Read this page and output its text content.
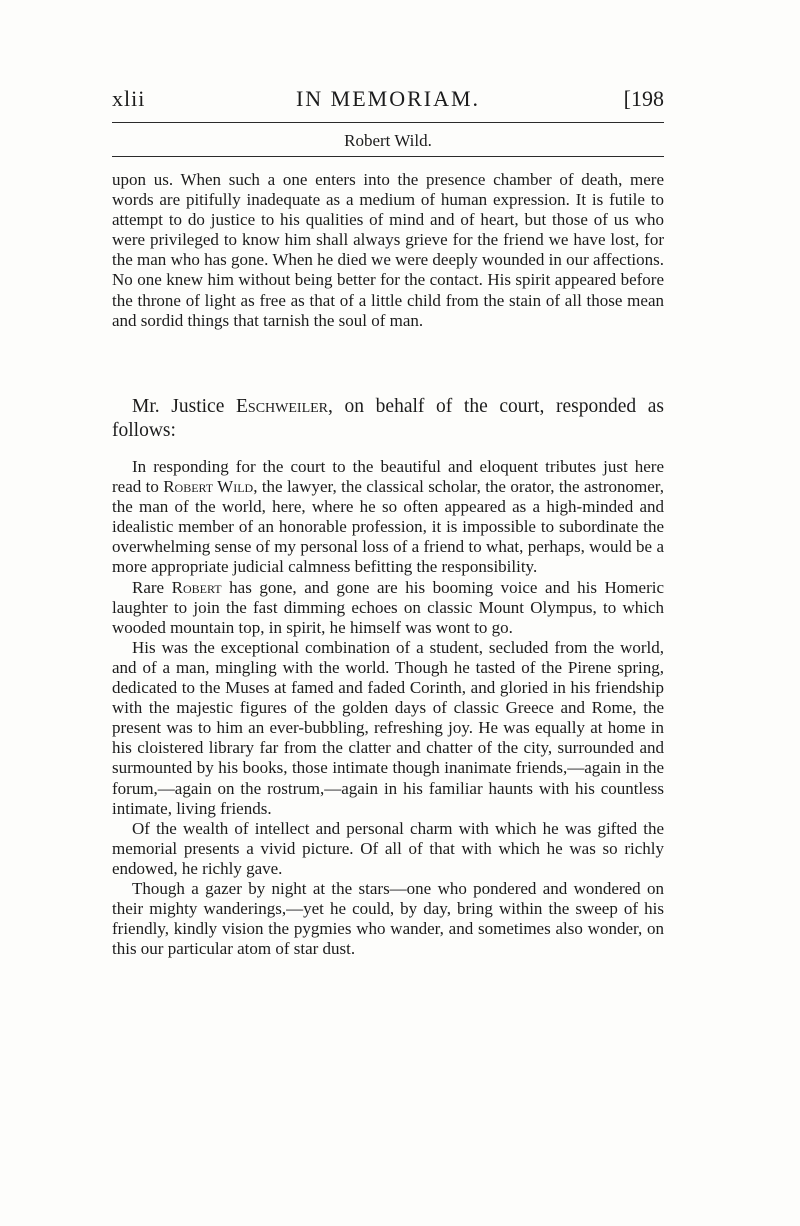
xlii	IN MEMORIAM.	[198
Robert Wild.

upon us. When such a one enters into the presence chamber of death, mere words are pitifully inadequate as a medium of human expression. It is futile to attempt to do justice to his qualities of mind and of heart, but those of us who were privileged to know him shall always grieve for the friend we have lost, for the man who has gone. When he died we were deeply wounded in our affections. No one knew him without being better for the contact. His spirit appeared before the throne of light as free as that of a little child from the stain of all those mean and sordid things that tarnish the soul of man.

Mr. Justice Eschweiler, on behalf of the court, responded as follows:

In responding for the court to the beautiful and eloquent tributes just here read to Robert Wild, the lawyer, the classical scholar, the orator, the astronomer, the man of the world, here, where he so often appeared as a high-minded and idealistic member of an honorable profession, it is impossible to subordinate the overwhelming sense of my personal loss of a friend to what, perhaps, would be a more appropriate judicial calmness befitting the responsibility.

Rare Robert has gone, and gone are his booming voice and his Homeric laughter to join the fast dimming echoes on classic Mount Olympus, to which wooded mountain top, in spirit, he himself was wont to go.

His was the exceptional combination of a student, secluded from the world, and of a man, mingling with the world. Though he tasted of the Pirene spring, dedicated to the Muses at famed and faded Corinth, and gloried in his friendship with the majestic figures of the golden days of classic Greece and Rome, the present was to him an ever-bubbling, refreshing joy. He was equally at home in his cloistered library far from the clatter and chatter of the city, surrounded and surmounted by his books, those intimate though inanimate friends,—again in the forum,—again on the rostrum,—again in his familiar haunts with his countless intimate, living friends.

Of the wealth of intellect and personal charm with which he was gifted the memorial presents a vivid picture. Of all of that with which he was so richly endowed, he richly gave.

Though a gazer by night at the stars—one who pondered and wondered on their mighty wanderings,—yet he could, by day, bring within the sweep of his friendly, kindly vision the pygmies who wander, and sometimes also wonder, on this our particular atom of star dust.
